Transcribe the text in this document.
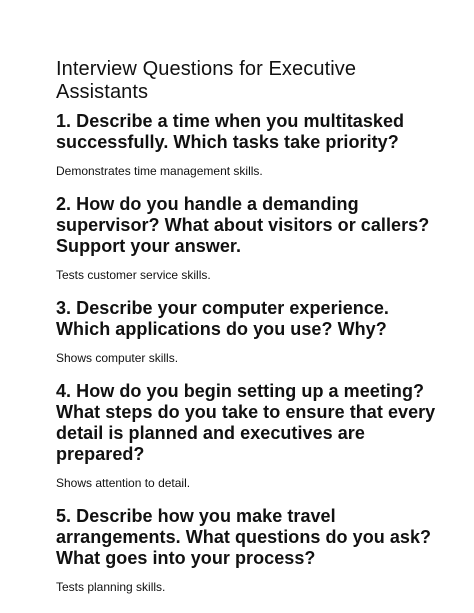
Interview Questions for Executive Assistants

1. Describe a time when you multitasked successfully. Which tasks take priority?

Demonstrates time management skills.

2. How do you handle a demanding supervisor? What about visitors or callers? Support your answer.

Tests customer service skills.

3. Describe your computer experience. Which applications do you use? Why?

Shows computer skills.

4. How do you begin setting up a meeting? What steps do you take to ensure that every detail is planned and executives are prepared?

Shows attention to detail.

5. Describe how you make travel arrangements. What questions do you ask? What goes into your process?

Tests planning skills.
